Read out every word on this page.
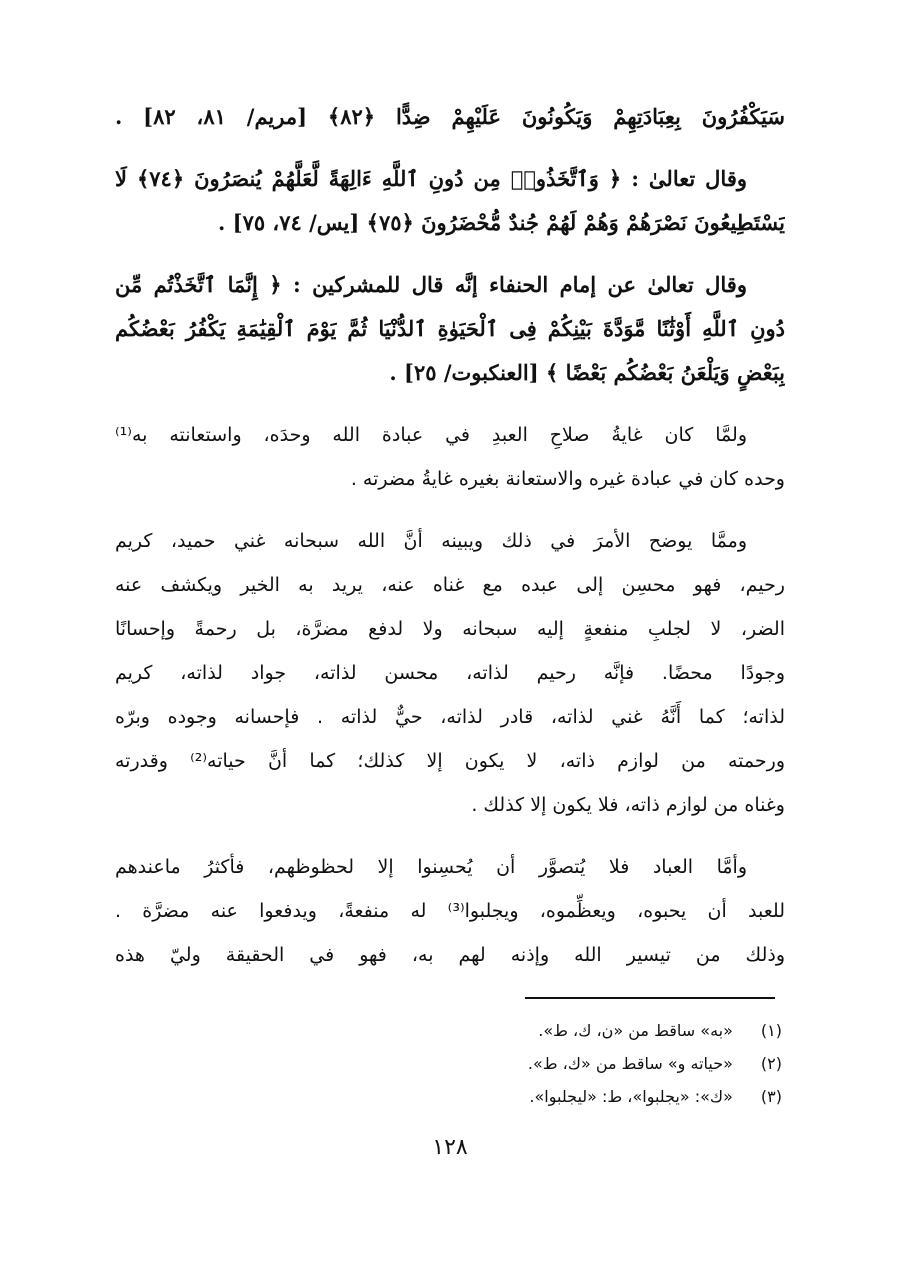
سَيَكْفُرُونَ بِعِبَادَتِهِمْ وَيَكُونُونَ عَلَيْهِمْ ضِدًّا ﴿٨٢﴾ [مريم/ ٨١، ٨٢] .
وقال تعالىٰ : ﴿ وَٱتَّخَذُوا۟ مِن دُونِ ٱللَّهِ ءَالِهَةً لَّعَلَّهُمْ يُنصَرُونَ ﴿٧٤﴾ لَا
يَسْتَطِيعُونَ نَصْرَهُمْ وَهُمْ لَهُمْ جُندٌ مُّحْضَرُونَ ﴿٧٥﴾ [يس/ ٧٤، ٧٥] .
وقال تعالىٰ عن إمام الحنفاء إنَّه قال للمشركين : ﴿ إِنَّمَا ٱتَّخَذْتُم مِّن
دُونِ ٱللَّهِ أَوْثَٰنًا مَّوَدَّةَ بَيْنِكُمْ فِى ٱلْحَيَوٰةِ ٱلدُّنْيَا ثُمَّ يَوْمَ ٱلْقِيَٰمَةِ يَكْفُرُ بَعْضُكُم
بِبَعْضٍ وَيَلْعَنُ بَعْضُكُم بَعْضًا ﴾ [العنكبوت/ ٢٥] .
ولمَّا كان غايةُ صلاحِ العبدِ في عبادة الله وحدَه، واستعانته به⁽¹⁾
وحده كان في عبادة غيره والاستعانة بغيره غايةُ مضرته .
وممَّا يوضح الأمرَ في ذلك ويبينه أنَّ الله سبحانه غني حميد، كريم
رحيم، فهو محسِن إلى عبده مع غناه عنه، يريد به الخير ويكشف عنه
الضر، لا لجلبِ منفعةٍ إليه سبحانه ولا لدفع مضرَّة، بل رحمةً وإحسانًا
وجودًا محضًا. فإنَّه رحيم لذاته، محسن لذاته، جواد لذاته، كريم
لذاته؛ كما أَنَّهُ غني لذاته، قادر لذاته، حيٌّ لذاته . فإحسانه وجوده وبرّه
ورحمته من لوازم ذاته، لا يكون إلا كذلك؛ كما أنَّ حياته⁽²⁾ وقدرته
وغناه من لوازم ذاته، فلا يكون إلا كذلك .
وأمَّا العباد فلا يُتصوَّر أن يُحسِنوا إلا لحظوظهم، فأكثرُ ماعندهم
للعبد أن يحبوه، ويعظِّموه، ويجلبوا⁽³⁾ له منفعةً، ويدفعوا عنه مضرَّة .
وذلك من تيسير الله وإذنه لهم به، فهو في الحقيقة وليّ هذه
(١) «به» ساقط من «ن، ك، ط».
(٢) «حياته و» ساقط من «ك، ط».
(٣) «ك»: «يجلبوا»، ط: «ليجلبوا».
١٢٨
